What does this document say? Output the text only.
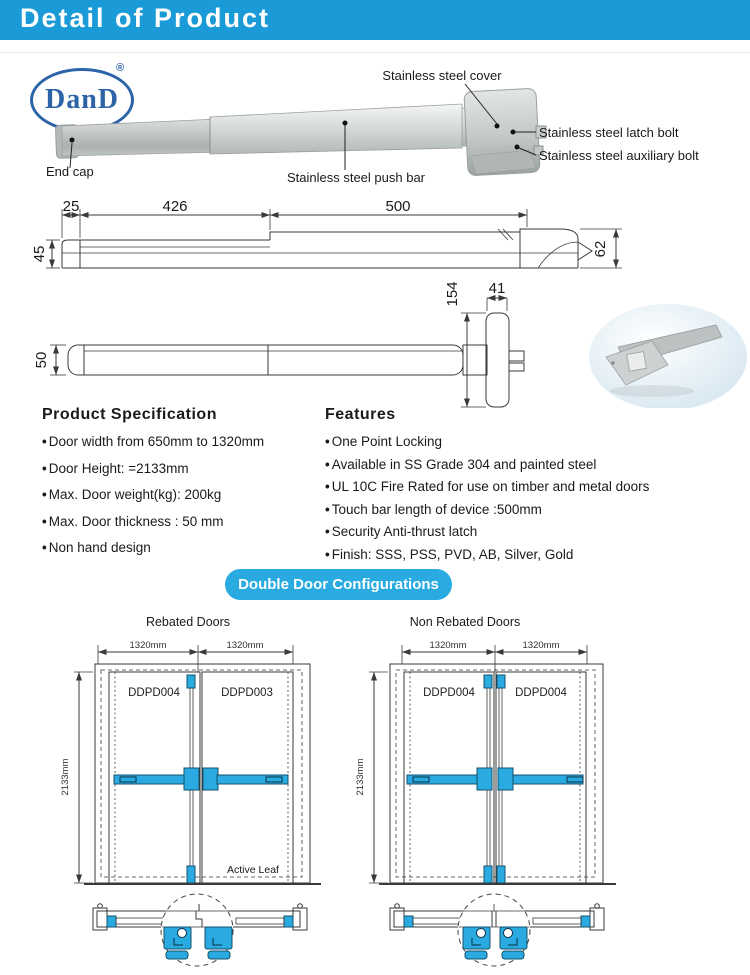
Detail of Product
DanD
®	Stainless steel cover
End cap	Stainless steel push bar
Stainless steel latch bolt
Stainless steel auxiliary bolt
25	426	500
45	62
154 41
50
Product Specification
• Door width from 650mm to 1320mm
• Door Height: =2133mm
• Max. Door weight(kg): 200kg
• Max. Door thickness : 50 mm
• Non hand design
Features
• One Point Locking
• Available in SS Grade 304 and painted steel
• UL 10C Fire Rated for use on timber and metal doors
• Touch bar length of device :500mm
• Security Anti-thrust latch
• Finish: SSS, PSS, PVD, AB, Silver, Gold
Double Door Configurations
Rebated Doors
1320mm	1320mm
2133mm
DDPD004	DDPD003
Active Leaf
Non Rebated Doors
1320mm	1320mm
2133mm
DDPD004	DDPD004
